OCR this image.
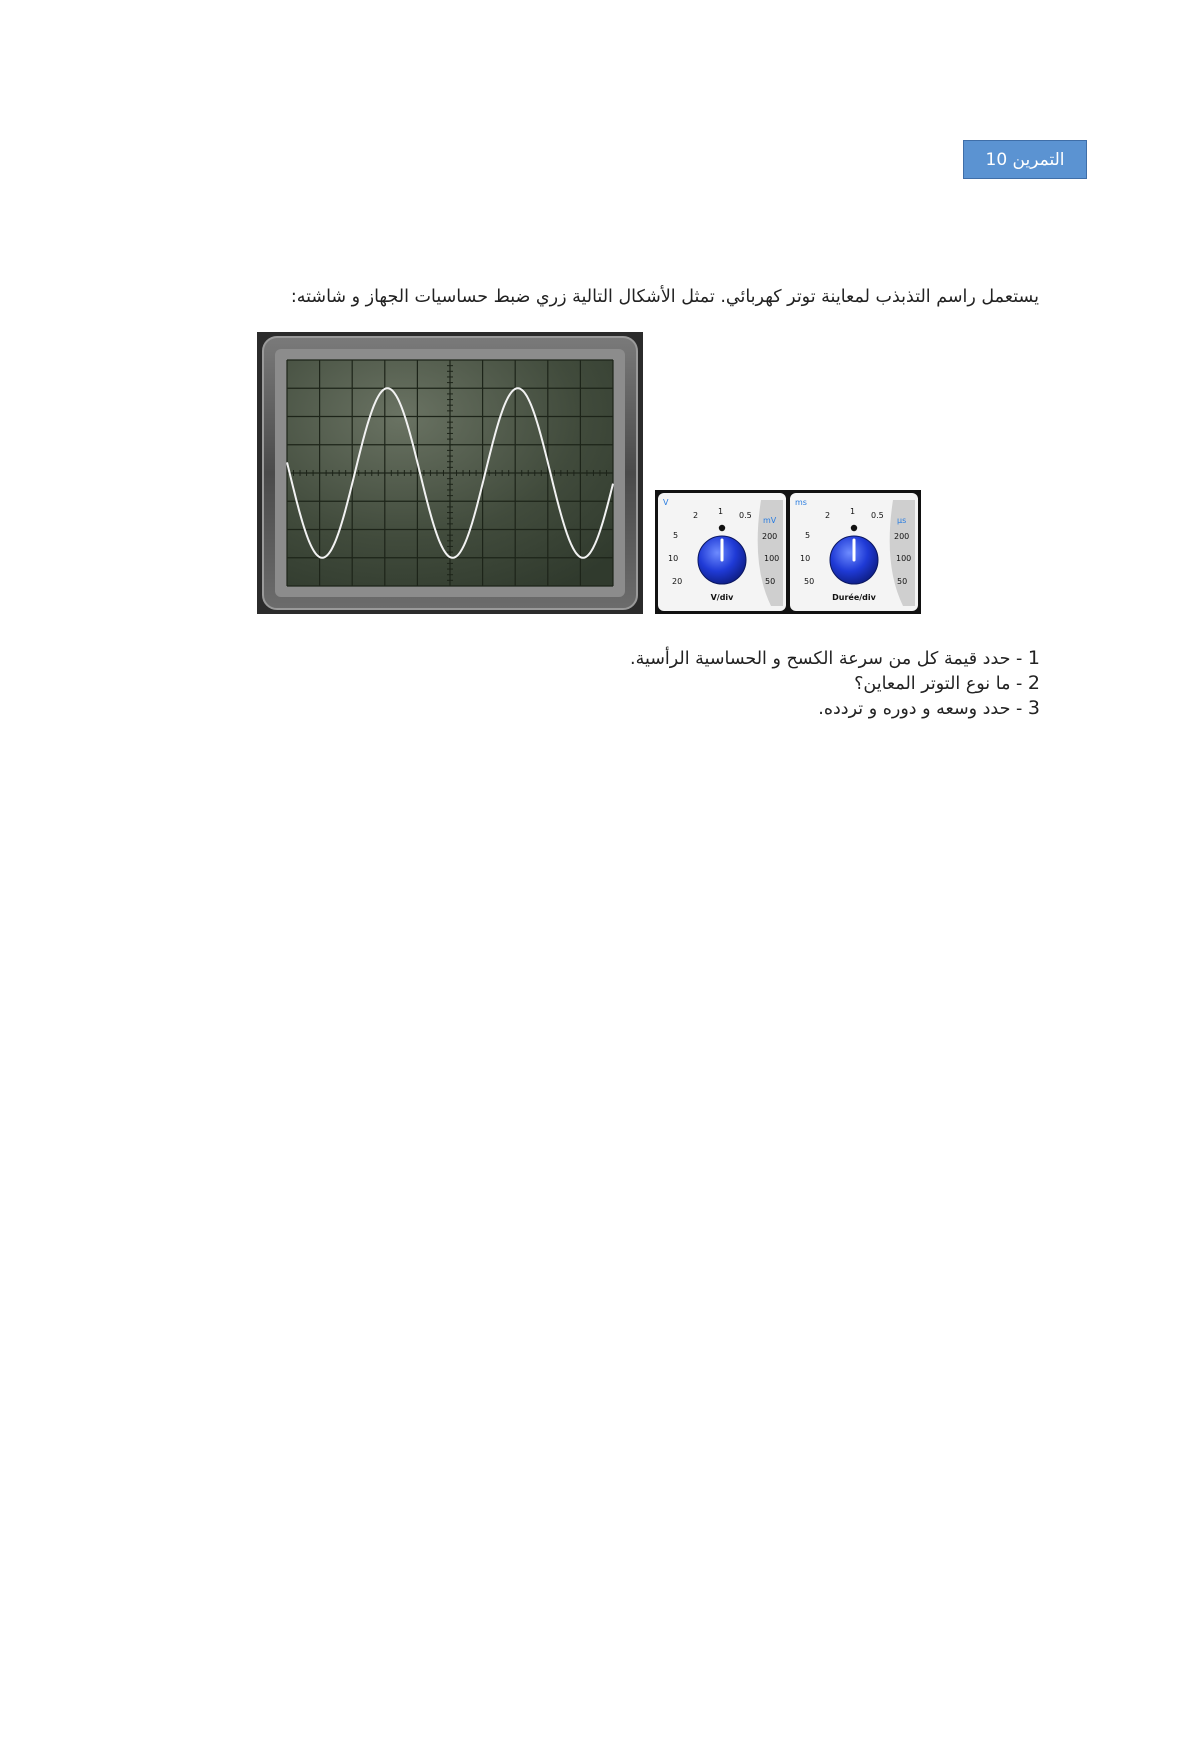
التمرين 10
يستعمل راسم التذبذب لمعاينة توتر كهربائي. تمثل الأشكال التالية زري ضبط حساسيات الجهاز و شاشته:
V
mV
2 1 0.5
5
10
20
200
100
50
V/div
ms
µs
2 1 0.5
5
10
50
200
100
50
Durée/div
1 - حدد قيمة كل من سرعة الكسح و الحساسية الرأسية.
2 - ما نوع التوتر المعاين؟
3 - حدد وسعه و دوره و تردده.
